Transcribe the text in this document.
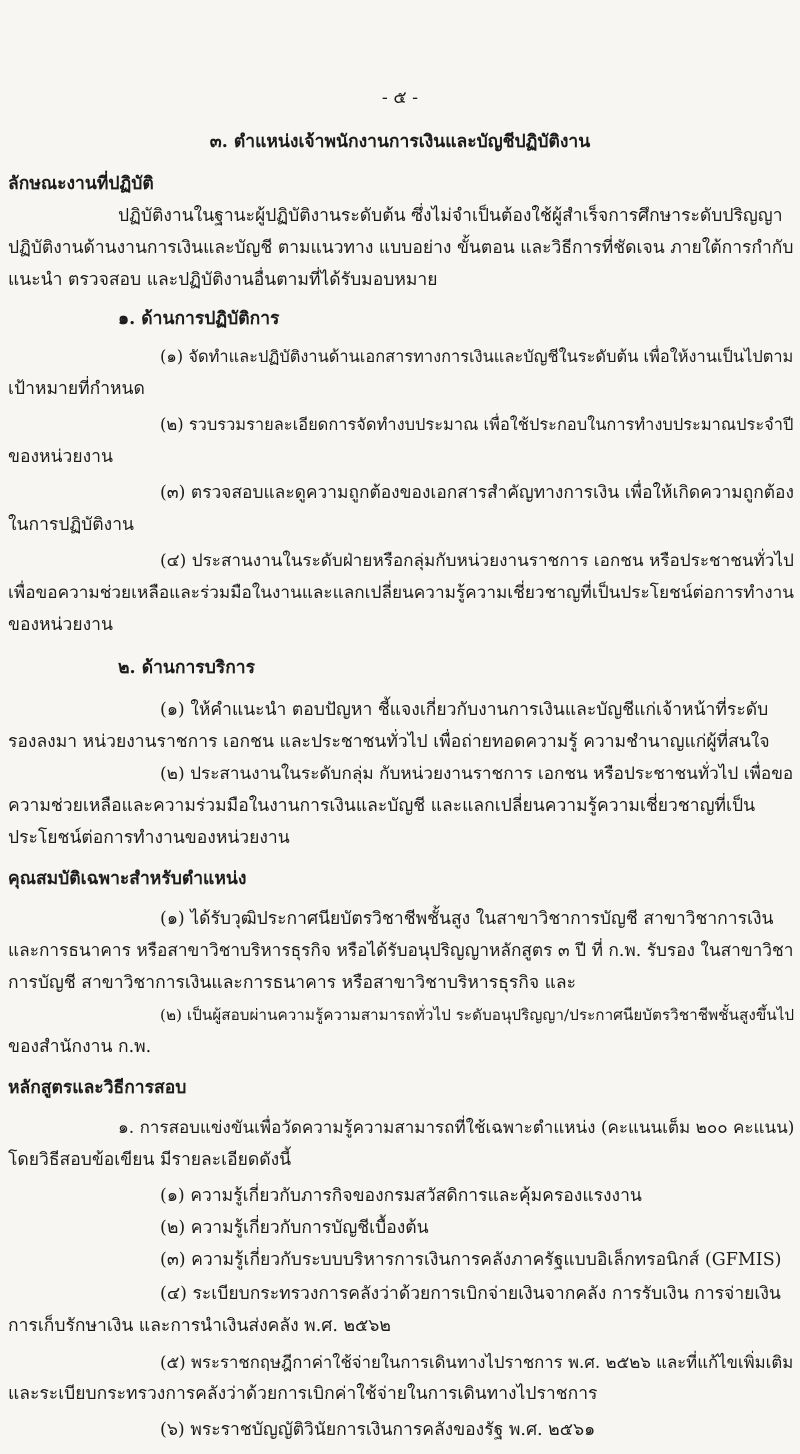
- ๕ -
๓. ตำแหน่งเจ้าพนักงานการเงินและบัญชีปฏิบัติงาน
ลักษณะงานที่ปฏิบัติ
ปฏิบัติงานในฐานะผู้ปฏิบัติงานระดับต้น ซึ่งไม่จำเป็นต้องใช้ผู้สำเร็จการศึกษาระดับปริญญา
ปฏิบัติงานด้านงานการเงินและบัญชี ตามแนวทาง แบบอย่าง ขั้นตอน และวิธีการที่ชัดเจน ภายใต้การกำกับ
แนะนำ ตรวจสอบ และปฏิบัติงานอื่นตามที่ได้รับมอบหมาย
๑. ด้านการปฏิบัติการ
(๑) จัดทำและปฏิบัติงานด้านเอกสารทางการเงินและบัญชีในระดับต้น เพื่อให้งานเป็นไปตาม
เป้าหมายที่กำหนด
(๒) รวบรวมรายละเอียดการจัดทำงบประมาณ เพื่อใช้ประกอบในการทำงบประมาณประจำปี
ของหน่วยงาน
(๓) ตรวจสอบและดูความถูกต้องของเอกสารสำคัญทางการเงิน เพื่อให้เกิดความถูกต้อง
ในการปฏิบัติงาน
(๔) ประสานงานในระดับฝ่ายหรือกลุ่มกับหน่วยงานราชการ เอกชน หรือประชาชนทั่วไป
เพื่อขอความช่วยเหลือและร่วมมือในงานและแลกเปลี่ยนความรู้ความเชี่ยวชาญที่เป็นประโยชน์ต่อการทำงาน
ของหน่วยงาน
๒. ด้านการบริการ
(๑) ให้คำแนะนำ ตอบปัญหา ชี้แจงเกี่ยวกับงานการเงินและบัญชีแก่เจ้าหน้าที่ระดับ
รองลงมา หน่วยงานราชการ เอกชน และประชาชนทั่วไป เพื่อถ่ายทอดความรู้ ความชำนาญแก่ผู้ที่สนใจ
(๒) ประสานงานในระดับกลุ่ม กับหน่วยงานราชการ เอกชน หรือประชาชนทั่วไป เพื่อขอ
ความช่วยเหลือและความร่วมมือในงานการเงินและบัญชี และแลกเปลี่ยนความรู้ความเชี่ยวชาญที่เป็น
ประโยชน์ต่อการทำงานของหน่วยงาน
คุณสมบัติเฉพาะสำหรับตำแหน่ง
(๑) ได้รับวุฒิประกาศนียบัตรวิชาชีพชั้นสูง ในสาขาวิชาการบัญชี สาขาวิชาการเงิน
และการธนาคาร หรือสาขาวิชาบริหารธุรกิจ หรือได้รับอนุปริญญาหลักสูตร ๓ ปี ที่ ก.พ. รับรอง ในสาขาวิชา
การบัญชี สาขาวิชาการเงินและการธนาคาร หรือสาขาวิชาบริหารธุรกิจ และ
(๒) เป็นผู้สอบผ่านความรู้ความสามารถทั่วไป ระดับอนุปริญญา/ประกาศนียบัตรวิชาชีพชั้นสูงขึ้นไป
ของสำนักงาน ก.พ.
หลักสูตรและวิธีการสอบ
๑. การสอบแข่งขันเพื่อวัดความรู้ความสามารถที่ใช้เฉพาะตำแหน่ง (คะแนนเต็ม ๒๐๐ คะแนน)
โดยวิธีสอบข้อเขียน มีรายละเอียดดังนี้
(๑) ความรู้เกี่ยวกับภารกิจของกรมสวัสดิการและคุ้มครองแรงงาน
(๒) ความรู้เกี่ยวกับการบัญชีเบื้องต้น
(๓) ความรู้เกี่ยวกับระบบบริหารการเงินการคลังภาครัฐแบบอิเล็กทรอนิกส์ (GFMIS)
(๔) ระเบียบกระทรวงการคลังว่าด้วยการเบิกจ่ายเงินจากคลัง การรับเงิน การจ่ายเงิน
การเก็บรักษาเงิน และการนำเงินส่งคลัง พ.ศ. ๒๕๖๒
(๕) พระราชกฤษฎีกาค่าใช้จ่ายในการเดินทางไปราชการ พ.ศ. ๒๕๒๖ และที่แก้ไขเพิ่มเติม
และระเบียบกระทรวงการคลังว่าด้วยการเบิกค่าใช้จ่ายในการเดินทางไปราชการ
(๖) พระราชบัญญัติวินัยการเงินการคลังของรัฐ พ.ศ. ๒๕๖๑
